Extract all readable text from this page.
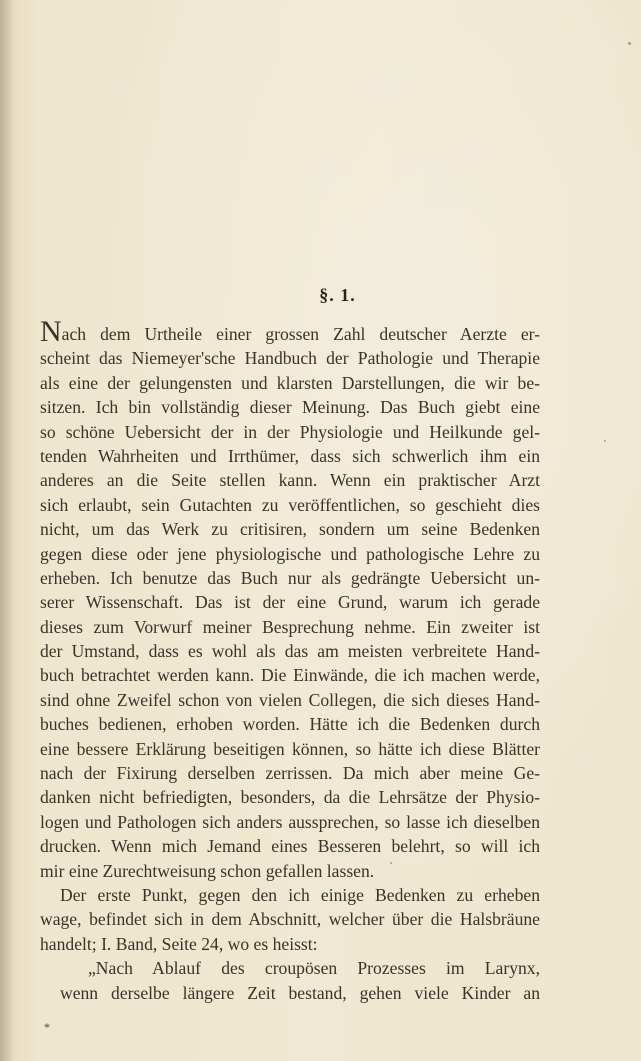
§. 1.
Nach dem Urtheile einer grossen Zahl deutscher Aerzte er-
scheint das Niemeyer'sche Handbuch der Pathologie und Therapie
als eine der gelungensten und klarsten Darstellungen, die wir be-
sitzen. Ich bin vollständig dieser Meinung. Das Buch giebt eine
so schöne Uebersicht der in der Physiologie und Heilkunde gel-
tenden Wahrheiten und Irrthümer, dass sich schwerlich ihm ein
anderes an die Seite stellen kann. Wenn ein praktischer Arzt
sich erlaubt, sein Gutachten zu veröffentlichen, so geschieht dies
nicht, um das Werk zu critisiren, sondern um seine Bedenken
gegen diese oder jene physiologische und pathologische Lehre zu
erheben. Ich benutze das Buch nur als gedrängte Uebersicht un-
serer Wissenschaft. Das ist der eine Grund, warum ich gerade
dieses zum Vorwurf meiner Besprechung nehme. Ein zweiter ist
der Umstand, dass es wohl als das am meisten verbreitete Hand-
buch betrachtet werden kann. Die Einwände, die ich machen werde,
sind ohne Zweifel schon von vielen Collegen, die sich dieses Hand-
buches bedienen, erhoben worden. Hätte ich die Bedenken durch
eine bessere Erklärung beseitigen können, so hätte ich diese Blätter
nach der Fixirung derselben zerrissen. Da mich aber meine Ge-
danken nicht befriedigten, besonders, da die Lehrsätze der Physio-
logen und Pathologen sich anders aussprechen, so lasse ich dieselben
drucken. Wenn mich Jemand eines Besseren belehrt, so will ich
mir eine Zurechtweisung schon gefallen lassen.
Der erste Punkt, gegen den ich einige Bedenken zu erheben
wage, befindet sich in dem Abschnitt, welcher über die Halsbräune
handelt; I. Band, Seite 24, wo es heisst:
„Nach Ablauf des croupösen Prozesses im Larynx,
wenn derselbe längere Zeit bestand, gehen viele Kinder an
*
